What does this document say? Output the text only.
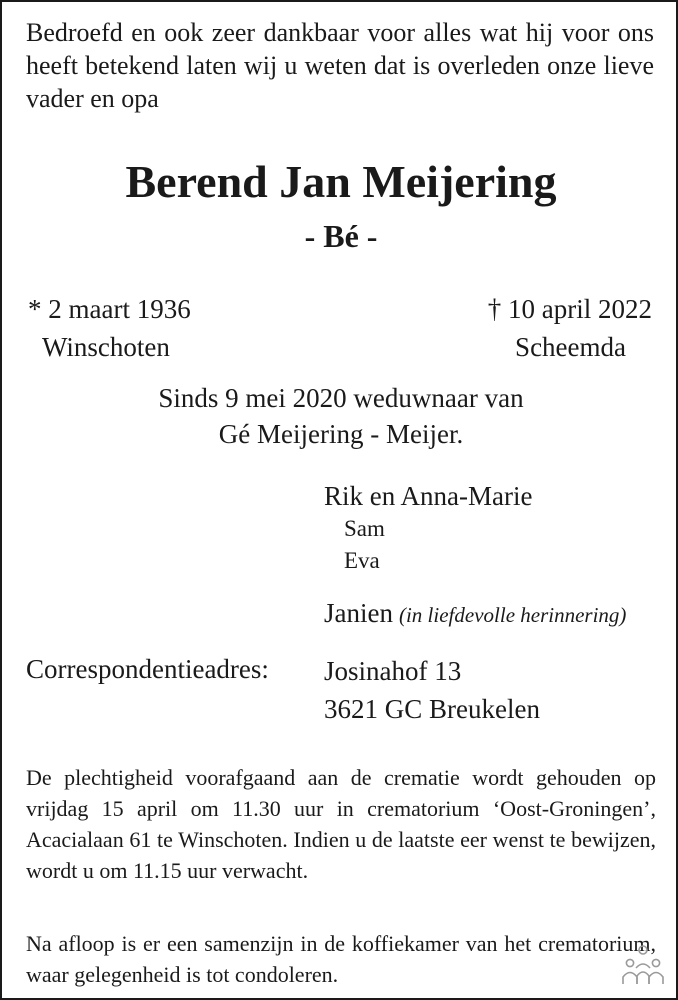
Bedroefd en ook zeer dankbaar voor alles wat hij voor ons heeft betekend laten wij u weten dat is overleden onze lieve vader en opa
Berend Jan Meijering
- Bé -
* 2 maart 1936
Winschoten
† 10 april 2022
Scheemda
Sinds 9 mei 2020 weduwnaar van
Gé Meijering - Meijer.
Rik en Anna-Marie
Sam
Eva
Janien (in liefdevolle herinnering)
Correspondentieadres: Josinahof 13
3621 GC Breukelen
De plechtigheid voorafgaand aan de crematie wordt gehouden op vrijdag 15 april om 11.30 uur in crematorium ‘Oost-Groningen’, Acacialaan 61 te Winschoten. Indien u de laatste eer wenst te bewijzen, wordt u om 11.15 uur verwacht.
Na afloop is er een samenzijn in de koffiekamer van het crematorium, waar gelegenheid is tot condoleren.
